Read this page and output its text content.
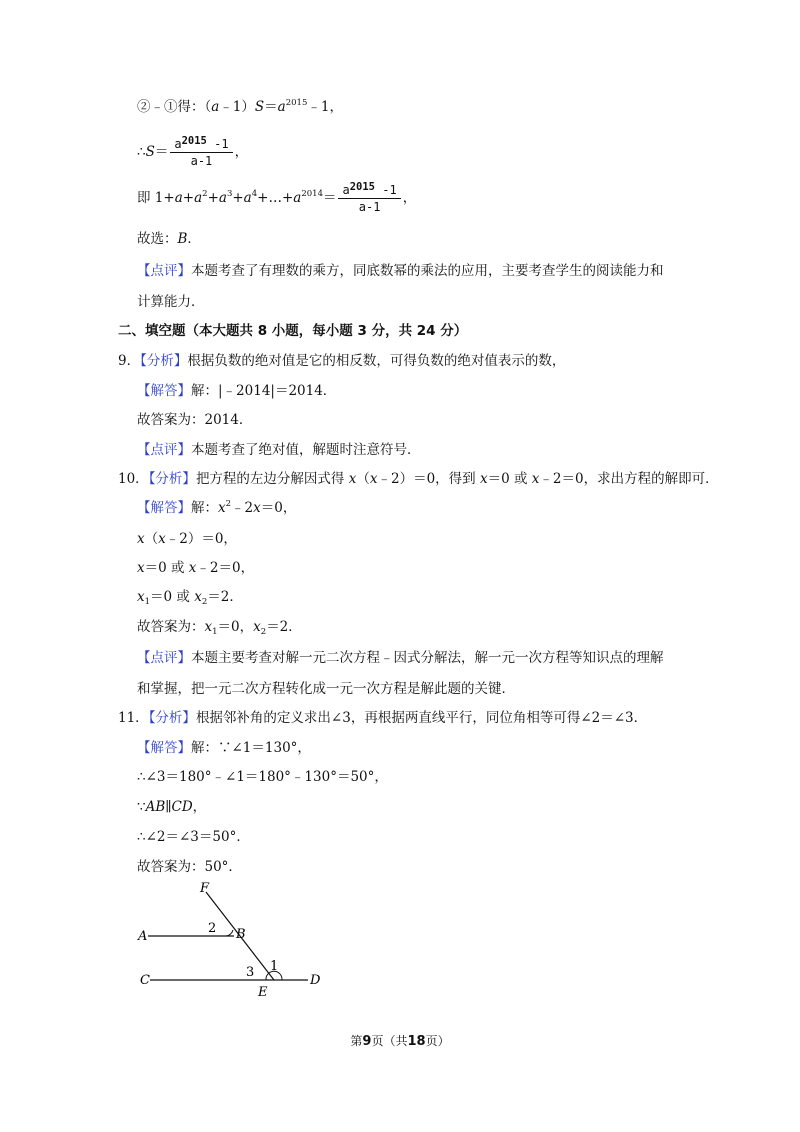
②﹣①得：$(a﹣1)S=a^{2015}﹣1$，
∴S＝ $\frac{a^{2015} -1}{a-1}$ ，
即 $1+a+a^2+a^3+a^4+\dots+a^{2014}= \frac{a^{2015} -1}{a-1}$ ，
故选：B．
【点评】本题考查了有理数的乘方，同底数幂的乘法的应用，主要考查学生的阅读能力和
计算能力．
二、填空题（本大题共 8 小题，每小题 3 分，共 24 分）
9．【分析】根据负数的绝对值是它的相反数，可得负数的绝对值表示的数，
【解答】解：|﹣2014|＝2014．
故答案为：2014．
【点评】本题考查了绝对值，解题时注意符号．
10．【分析】把方程的左边分解因式得 x（x﹣2）＝0，得到 x＝0 或 x﹣2＝0，求出方程的解即可．
【解答】解：$x^2﹣2x=0$，
x（x﹣2）＝0，
x＝0 或 x﹣2＝0，
$x_1=0$ 或 $x_2=2$．
故答案为：$x_1=0$，$x_2=2$．
【点评】本题主要考查对解一元二次方程﹣因式分解法，解一元一次方程等知识点的理解
和掌握，把一元二次方程转化成一元一次方程是解此题的关键．
11．【分析】根据邻补角的定义求出∠3，再根据两直线平行，同位角相等可得∠2＝∠3．
【解答】解：∵∠1＝130°，
∴∠3＝180°﹣∠1＝180°﹣130°＝50°，
∵AB∥CD，
∴∠2＝∠3＝50°．
故答案为：50°．
F
A	B
C	D
E
1
2
3
第9页（共18页）
